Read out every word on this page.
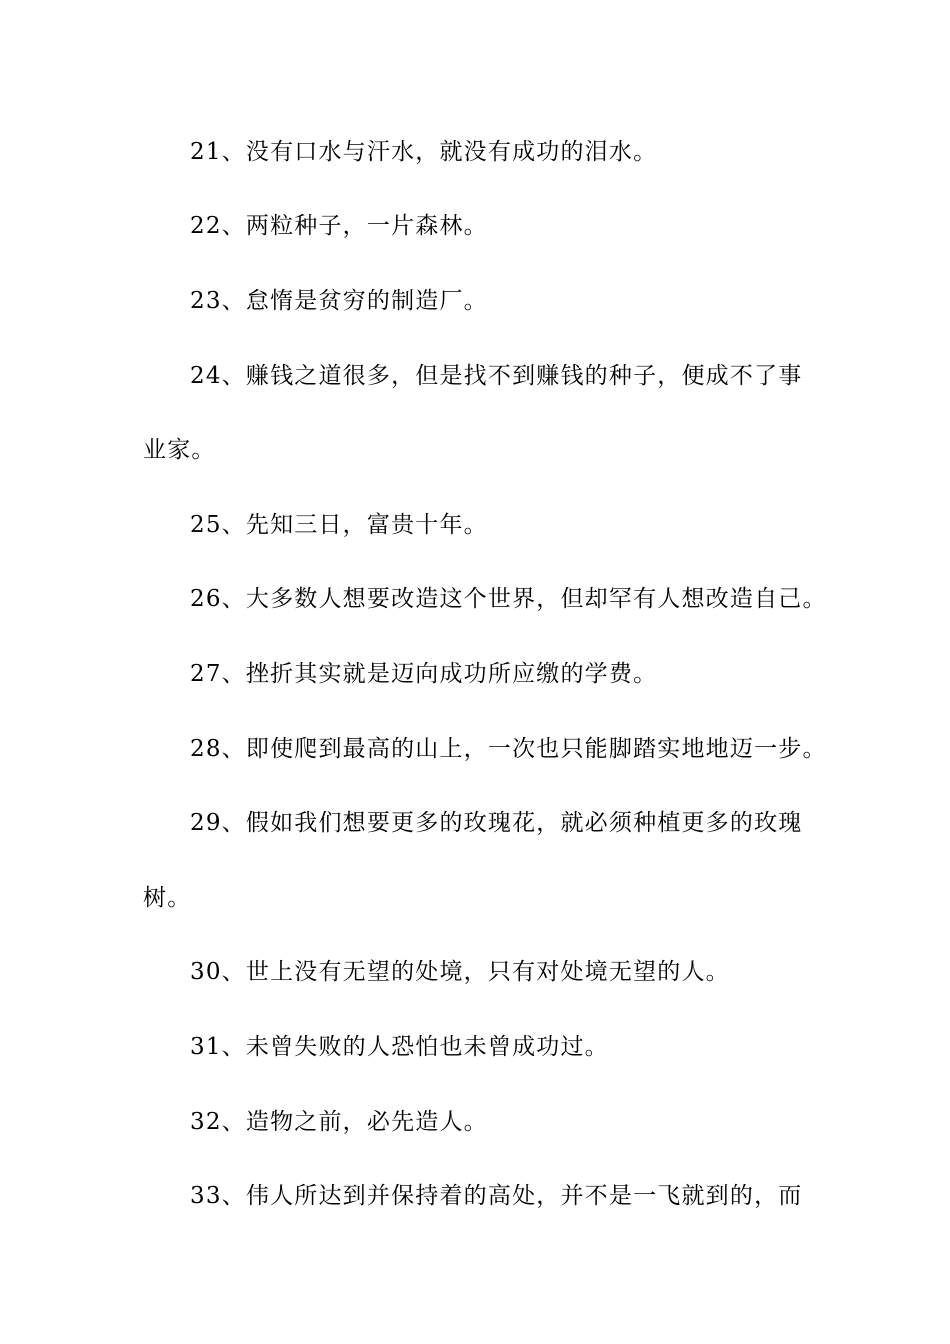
21、没有口水与汗水，就没有成功的泪水。
22、两粒种子，一片森林。
23、怠惰是贫穷的制造厂。
24、赚钱之道很多，但是找不到赚钱的种子，便成不了事
业家。
25、先知三日，富贵十年。
26、大多数人想要改造这个世界，但却罕有人想改造自己。
27、挫折其实就是迈向成功所应缴的学费。
28、即使爬到最高的山上，一次也只能脚踏实地地迈一步。
29、假如我们想要更多的玫瑰花，就必须种植更多的玫瑰
树。
30、世上没有无望的处境，只有对处境无望的人。
31、未曾失败的人恐怕也未曾成功过。
32、造物之前，必先造人。
33、伟人所达到并保持着的高处，并不是一飞就到的，而
